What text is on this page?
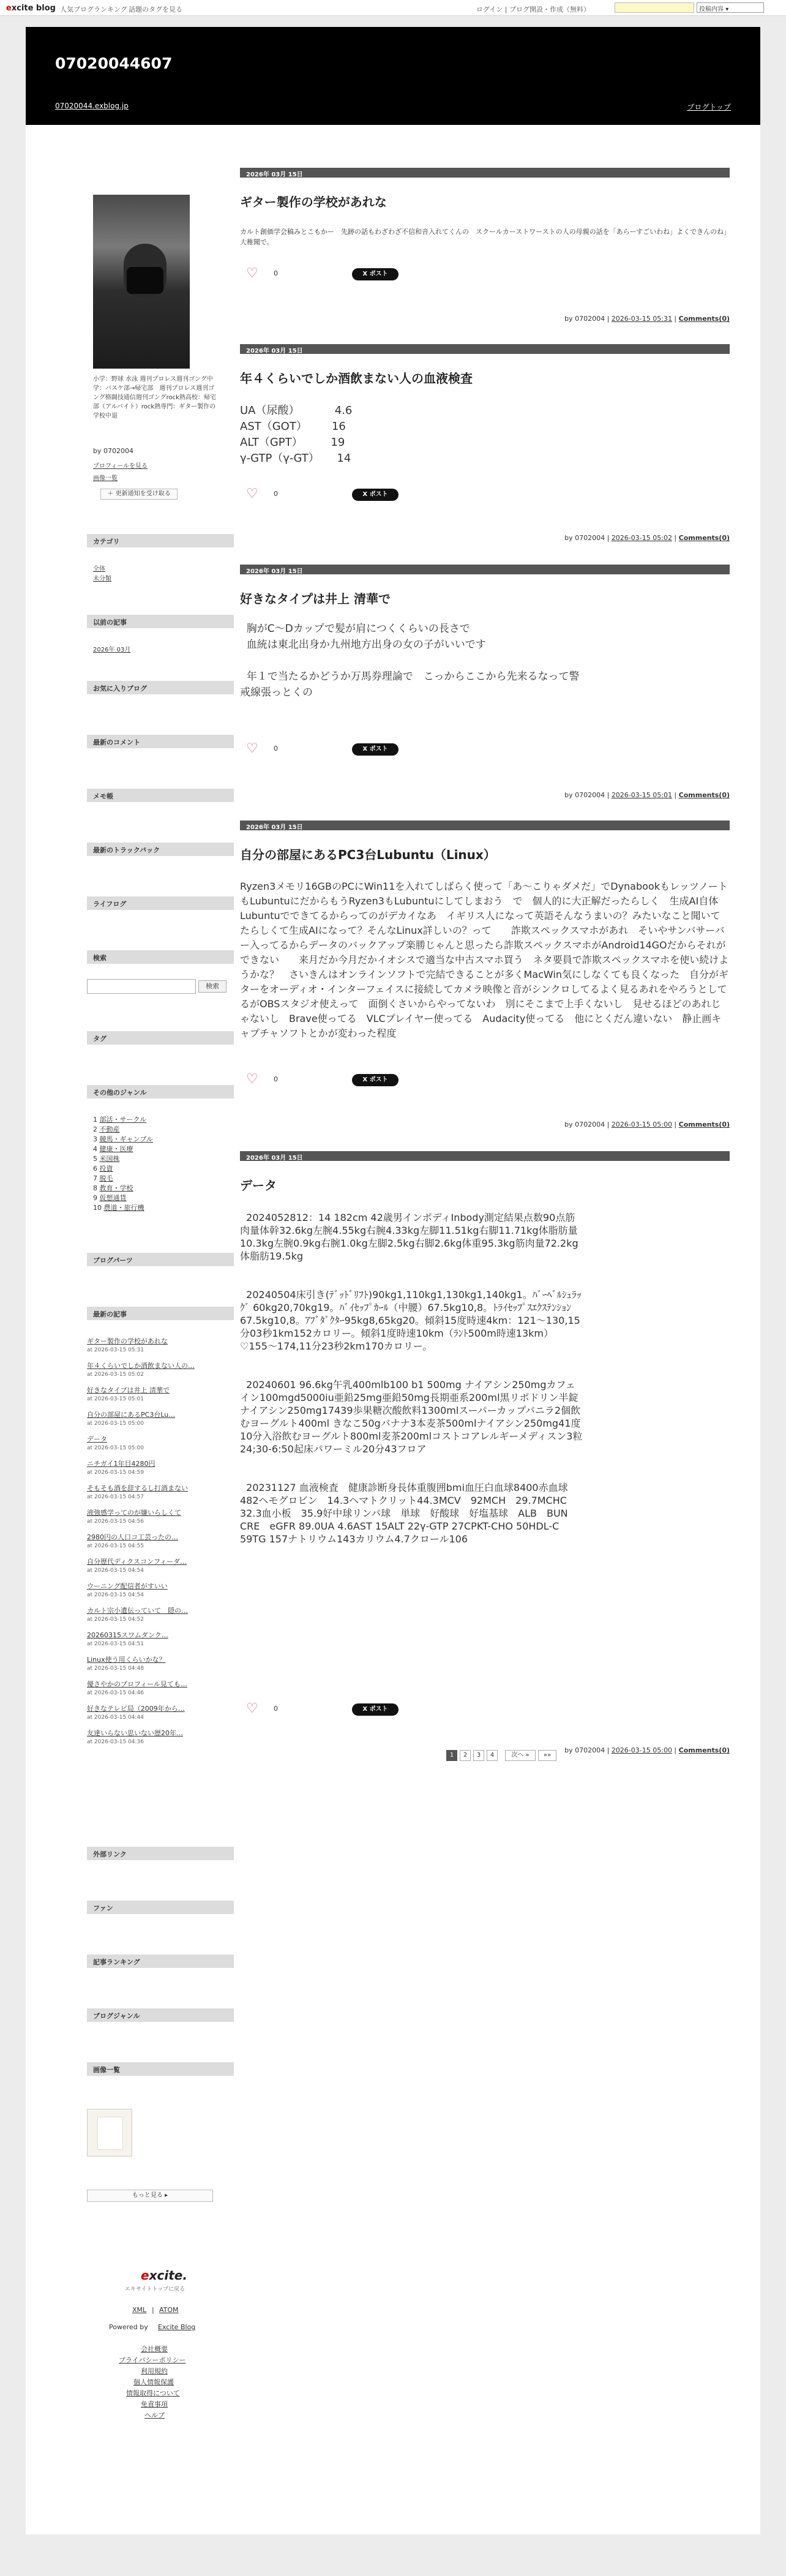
excite blog 人気ブログランキング 話題のタグを見る	ログイン | ブログ開設・作成（無料）	投稿内容 ▾
07020044607
07020044.exblog.jp	ブログトップ
小学：野球 水泳 週刊プロレス週刊ゴング中学：バスケ部→帰宅部　週刊プロレス週刊ゴング格闘技通信週刊ゴングrock熱高校：帰宅部（アルバイト）rock熱専門：ギター製作の学校中退
by 0702004
プロフィールを見る
画像一覧
＋ 更新通知を受け取る
カテゴリ
全体
未分類
以前の記事
2026年 03月
お気に入りブログ
最新のコメント
メモ帳
最新のトラックバック
ライフログ
検索
検索
タグ
その他のジャンル
1 部活・サークル
2 不動産
3 競馬・ギャンブル
4 健康・医療
5 米国株
6 投資
7 脱毛
8 教育・学校
9 仮想通貨
10 農道・旅行機
ブログパーツ
最新の記事
ギター製作の学校があれな
at 2026-03-15 05:31
年４くらいでしか酒飲まない人の…
at 2026-03-15 05:02
好きなタイプは井上 清華で
at 2026-03-15 05:01
自分の部屋にあるPC3台Lu…
at 2026-03-15 05:00
データ
at 2026-03-15 05:00
ニチガイ1年目4280円
at 2026-03-15 04:59
そもそも酒を辞するし打酒まない
at 2026-03-15 04:57
液強感学ってのが嫌いらしくて
at 2026-03-15 04:56
2980円の人口コ工芸ったの…
at 2026-03-15 04:55
自分歴代ディクスコンフィーダ…
at 2026-03-15 04:54
ウーニング配信者がすいい
at 2026-03-15 04:54
カルト宗小遺伝っていて　隠の…
at 2026-03-15 04:52
20260315スワムダンク…
at 2026-03-15 04:51
Linux使う用くらいかな？
at 2026-03-15 04:48
優さやかのプロフィール見ても…
at 2026-03-15 04:46
好きなテレビ局（2009年から…
at 2026-03-15 04:44
友達いらない思いない歴20年…
at 2026-03-15 04:36
外部リンク
ファン
記事ランキング
ブログジャンル
画像一覧
もっと見る ▸
excite.
エキサイトトップに戻る
XML | ATOM
Powered by Excite Blog
会社概要
プライバシーポリシー
利用規約
個人情報保護
情報取得について
免責事項
ヘルプ
2026年 03月 15日
ギター製作の学校があれな
カルト創価学会稿みとこもかー　先跡の話もわざわざ不信和音入れてくんの　スクールカーストワーストの人の母親の話を「あらーすごいわね」よくできんのね」大稚聞で。
♡ 0	X ポスト
by 0702004 | 2026-03-15 05:31 | Comments(0)
2026年 03月 15日
年４くらいでしか酒飲まない人の血液検査
UA（尿酸）          4.6
AST（GOT）       16
ALT（GPT）        19
γ-GTP（γ-GT）     14
♡ 0	X ポスト
by 0702004 | 2026-03-15 05:02 | Comments(0)
2026年 03月 15日
好きなタイプは井上 清華で
胸がC〜Dカップで髪が肩につくくらいの長さで
血統は東北出身か九州地方出身の女の子がいいです

年１で当たるかどうか万馬券理論で　こっからここから先来るなって警戒線張っとくの
♡ 0	X ポスト
by 0702004 | 2026-03-15 05:01 | Comments(0)
2026年 03月 15日
自分の部屋にあるPC3台Lubuntu（Linux）
Ryzen3メモリ16GBのPCにWin11を入れてしばらく使って「あ〜こりゃダメだ」でDynabookもレッツノートもLubuntuにだからもうRyzen3もLubuntuにしてしまおう　で　個人的に大正解だったらしく　生成AI自体Lubuntuでできてるからってのがデカイなあ　イギリス人になって英語そんなうまいの？みたいなこと聞いてたらしくて生成AIになって？そんなLinux詳しいの？って　　詐欺スペックスマホがあれ　そいやサンバサーバー入ってるからデータのバックアップ楽勝じゃんと思ったら詐欺スペックスマホがAndroid14GOだからそれができない　　来月だか今月だかイオシスで適当な中古スマホ買う　ネタ要員で詐欺スペックスマホを使い続けようかな？　さいきんはオンラインソフトで完結できることが多くMacWin気にしなくても良くなった　自分がギターをオーディオ・インターフェイスに接続してカメラ映像と音がシンクロしてるよく見るあれをやろうとしてるがOBSスタジオ使えって　面倒くさいからやってないわ　別にそこまで上手くないし　見せるほどのあれじゃないし　Brave使ってる　VLCプレイヤー使ってる　Audacity使ってる　他にとくだん違いない　静止画キャプチャソフトとかが変わった程度
♡ 0	X ポスト
by 0702004 | 2026-03-15 05:00 | Comments(0)
2026年 03月 15日
データ
2024052812：14 182cm 42歳男インボディInbody測定結果点数90点筋肉量体幹32.6kg左腕4.55kg右腕4.33kg左脚11.51kg右脚11.71kg体脂肪量10.3kg左腕0.9kg右腕1.0kg左脚2.5kg右脚2.6kg体重95.3kg筋肉量72.2kg体脂肪19.5kg

20240504床引き(ﾃﾞｯﾄﾞﾘﾌﾄ)90kg1,110kg1,130kg1,140kg1。ﾊﾞｰﾍﾞﾙｼｭﾗｯｸﾞ 60kg20,70kg19。ﾊﾞｲｾｯﾌﾟｶｰﾙ（中腰）67.5kg10,8。ﾄﾗｲｾｯﾌﾟｽｴｸｽﾃﾝｼｮﾝ67.5kg10,8。ｱﾌﾞﾀﾞｸﾀｰ95kg8,65kg20。傾斜15度時速4km：121〜130,15分03秒1km152カロリー。傾斜1度時速10km（ﾗﾝﾄ500m時速13km）♡155〜174,11分23秒2km170カロリー。

20240601 96.6kg午乳400mlb100 b1 500mg ナイアシン250mgカフェイン100mgd5000iu亜鉛25mg亜鉛50mg長期亜系200ml黒リボドリン半錠ナイアシン250mg17439歩果糖次酸飲料1300mlスーパーカップバニラ2個飲むヨーグルト400ml きなこ50gバナナ3本麦茶500mlナイアシン250mg41度10分入浴飲むヨーグルト800ml麦茶200mlコストコアレルギーメディスン3粒24;30-6:50起床パワーミル20分43フロア

20231127 血液検査　健康診断身長体重腹囲bmi血圧白血球8400赤血球　482ヘモグロビン　14.3ヘマトクリット44.3MCV　92MCH　29.7MCHC　32.3血小板　35.9好中球リンパ球　単球　好酸球　好塩基球　ALB　BUN　CRE　eGFR 89.0UA 4.6AST 15ALT 22γ-GTP 27CPKT-CHO 50HDL-C 59TG 157ナトリウム143カリウム4.7クロール106
♡ 0	X ポスト
by 0702004 | 2026-03-15 05:00 | Comments(0)
1	2	3	4	次へ »	»»
